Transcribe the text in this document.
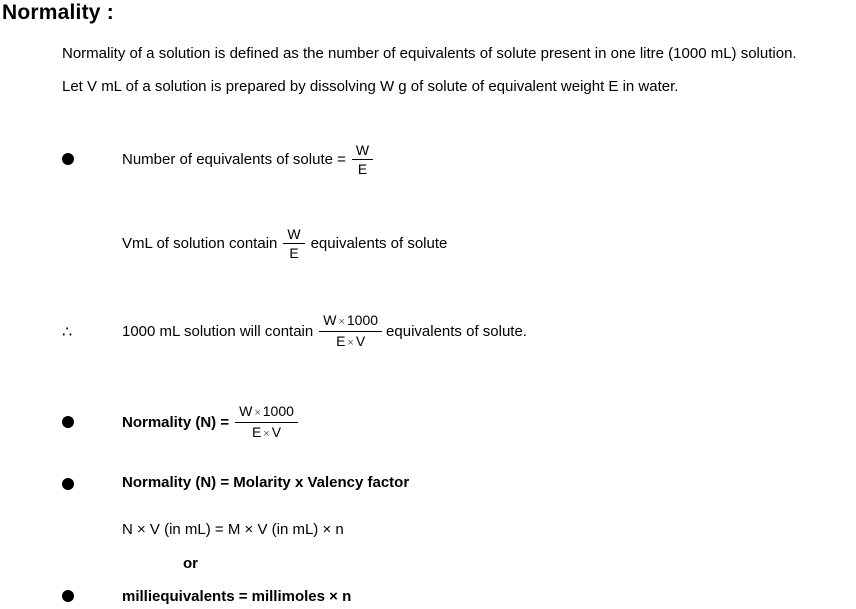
Normality :
Normality of a solution is defined as the number of equivalents of solute present in one litre (1000 mL) solution.
Let V mL of a solution is prepared by dissolving W g of solute of equivalent weight E in water.
∴
Number of equivalents of solute = $\frac{W}{E}$
VmL of solution contain $\frac{W}{E}$ equivalents of solute
1000 mL solution will contain $\frac{W \times 1000}{E \times V}$ equivalents of solute.
Normality $(N) = \frac{W \times 1000}{E \times V}$
Normality (N) = Molarity x Valency factor
N × V (in mL) = M × V (in mL) × n
or
milliequivalents = millimoles × n
